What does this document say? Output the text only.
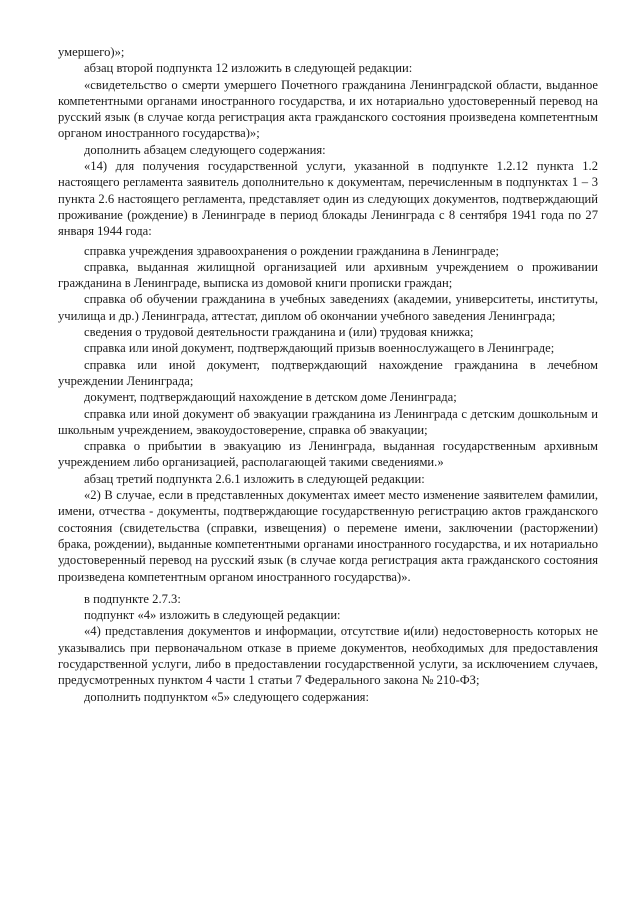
умершего)»;

абзац второй подпункта 12 изложить в следующей редакции:

«свидетельство о смерти умершего Почетного гражданина Ленинградской области, выданное компетентными органами иностранного государства, и их нотариально удостоверенный перевод на русский язык (в случае когда регистрация акта гражданского состояния произведена компетентным органом иностранного государства)»;

дополнить абзацем следующего содержания:

«14) для получения государственной услуги, указанной в подпункте 1.2.12 пункта 1.2 настоящего регламента заявитель дополнительно к документам, перечисленным в подпунктах 1 – 3 пункта 2.6 настоящего регламента, представляет один из следующих документов, подтверждающий проживание (рождение) в Ленинграде в период блокады Ленинграда с 8 сентября 1941 года по 27 января 1944 года:

справка учреждения здравоохранения о рождении гражданина в Ленинграде;

справка, выданная жилищной организацией или архивным учреждением о проживании гражданина в Ленинграде, выписка из домовой книги прописки граждан;

справка об обучении гражданина в учебных заведениях (академии, университеты, институты, училища и др.) Ленинграда, аттестат, диплом об окончании учебного заведения Ленинграда;

сведения о трудовой деятельности гражданина и (или) трудовая книжка;

справка или иной документ, подтверждающий призыв военнослужащего в Ленинграде;

справка или иной документ, подтверждающий нахождение гражданина в лечебном учреждении Ленинграда;

документ, подтверждающий нахождение в детском доме Ленинграда;

справка или иной документ об эвакуации гражданина из Ленинграда с детским дошкольным и школьным учреждением, эвакоудостоверение, справка об эвакуации;

справка о прибытии в эвакуацию из Ленинграда, выданная государственным архивным учреждением либо организацией, располагающей такими сведениями.»

абзац третий подпункта 2.6.1 изложить в следующей редакции:

«2) В случае, если в представленных документах имеет место изменение заявителем фамилии, имени, отчества - документы, подтверждающие государственную регистрацию актов гражданского состояния (свидетельства (справки, извещения) о перемене имени, заключении (расторжении) брака, рождении), выданные компетентными органами иностранного государства, и их нотариально удостоверенный перевод на русский язык (в случае когда регистрация акта гражданского состояния произведена компетентным органом иностранного государства)».

в подпункте 2.7.3:

подпункт «4» изложить в следующей редакции:

«4) представления документов и информации, отсутствие и(или) недостоверность которых не указывались при первоначальном отказе в приеме документов, необходимых для предоставления государственной услуги, либо в предоставлении государственной услуги, за исключением случаев, предусмотренных пунктом 4 части 1 статьи 7 Федерального закона № 210-ФЗ;

дополнить подпунктом «5» следующего содержания:
